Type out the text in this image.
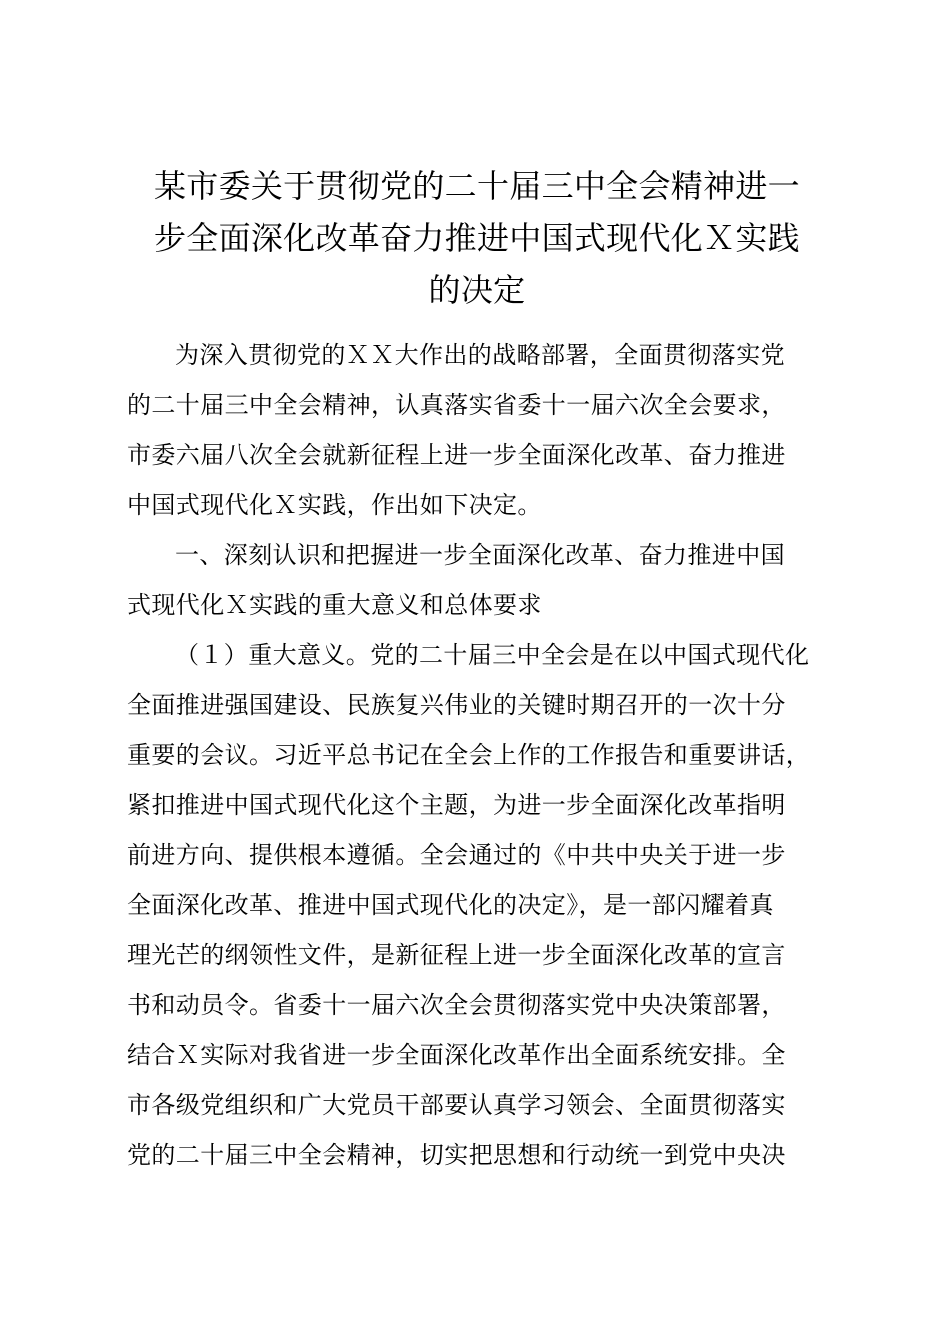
某市委关于贯彻党的二十届三中全会精神进一
步全面深化改革奋力推进中国式现代化Ｘ实践
的决定

为深入贯彻党的ＸＸ大作出的战略部署，全面贯彻落实党
的二十届三中全会精神，认真落实省委十一届六次全会要求，
市委六届八次全会就新征程上进一步全面深化改革、奋力推进
中国式现代化Ｘ实践，作出如下决定。

一、深刻认识和把握进一步全面深化改革、奋力推进中国
式现代化Ｘ实践的重大意义和总体要求

（１）重大意义。党的二十届三中全会是在以中国式现代化
全面推进强国建设、民族复兴伟业的关键时期召开的一次十分
重要的会议。习近平总书记在全会上作的工作报告和重要讲话，
紧扣推进中国式现代化这个主题，为进一步全面深化改革指明
前进方向、提供根本遵循。全会通过的《中共中央关于进一步
全面深化改革、推进中国式现代化的决定》，是一部闪耀着真
理光芒的纲领性文件，是新征程上进一步全面深化改革的宣言
书和动员令。省委十一届六次全会贯彻落实党中央决策部署，
结合Ｘ实际对我省进一步全面深化改革作出全面系统安排。全
市各级党组织和广大党员干部要认真学习领会、全面贯彻落实
党的二十届三中全会精神，切实把思想和行动统一到党中央决
